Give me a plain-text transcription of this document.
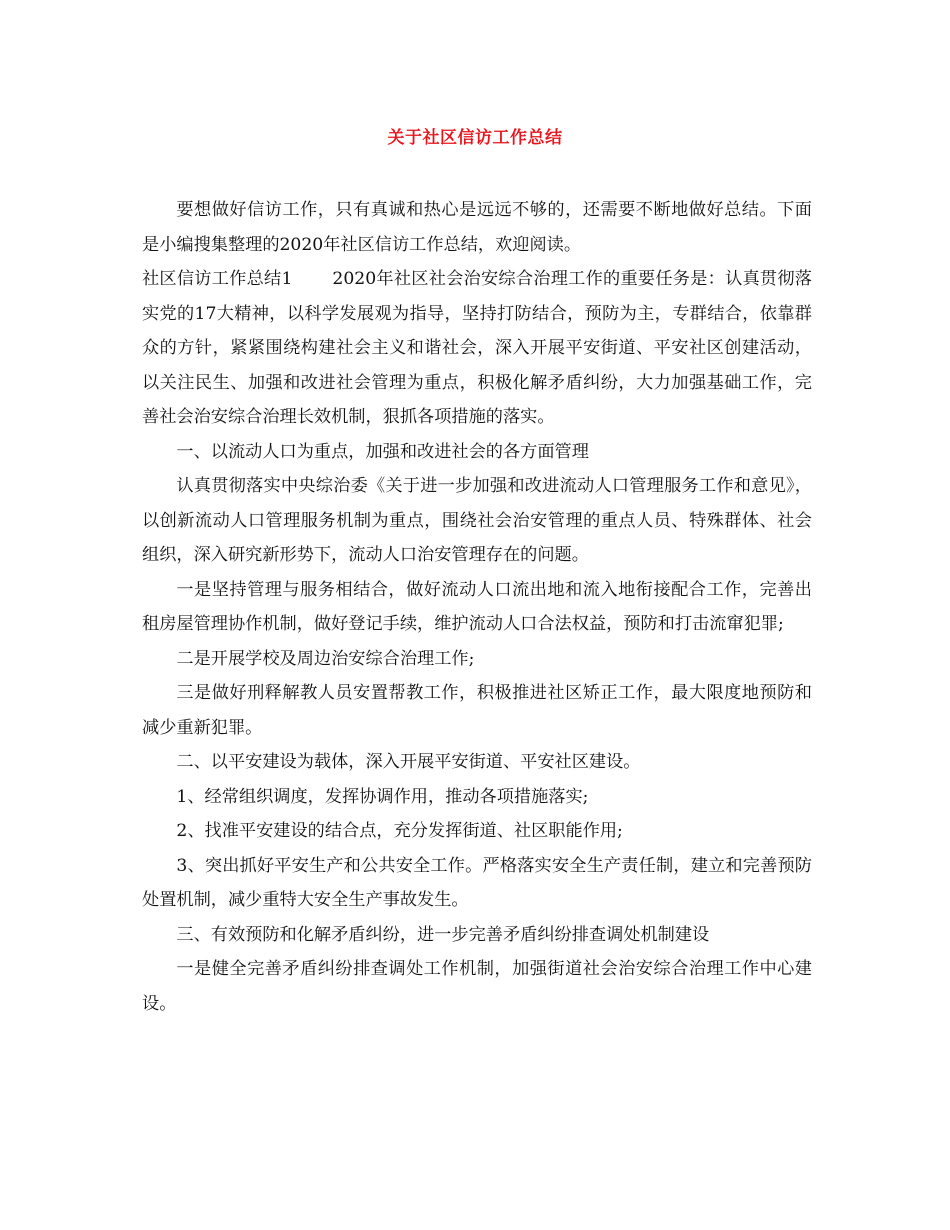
关于社区信访工作总结

要想做好信访工作，只有真诚和热心是远远不够的，还需要不断地做好总结。下面是小编搜集整理的2020年社区信访工作总结，欢迎阅读。

社区信访工作总结1 2020年社区社会治安综合治理工作的重要任务是：认真贯彻落实党的17大精神，以科学发展观为指导，坚持打防结合，预防为主，专群结合，依靠群众的方针，紧紧围绕构建社会主义和谐社会，深入开展平安街道、平安社区创建活动，以关注民生、加强和改进社会管理为重点，积极化解矛盾纠纷，大力加强基础工作，完善社会治安综合治理长效机制，狠抓各项措施的落实。

一、以流动人口为重点，加强和改进社会的各方面管理

认真贯彻落实中央综治委《关于进一步加强和改进流动人口管理服务工作和意见》，以创新流动人口管理服务机制为重点，围绕社会治安管理的重点人员、特殊群体、社会组织，深入研究新形势下，流动人口治安管理存在的问题。

一是坚持管理与服务相结合，做好流动人口流出地和流入地衔接配合工作，完善出租房屋管理协作机制，做好登记手续，维护流动人口合法权益，预防和打击流窜犯罪;

二是开展学校及周边治安综合治理工作;

三是做好刑释解教人员安置帮教工作，积极推进社区矫正工作，最大限度地预防和减少重新犯罪。

二、以平安建设为载体，深入开展平安街道、平安社区建设。

1、经常组织调度，发挥协调作用，推动各项措施落实;

2、找准平安建设的结合点，充分发挥街道、社区职能作用;

3、突出抓好平安生产和公共安全工作。严格落实安全生产责任制，建立和完善预防处置机制，减少重特大安全生产事故发生。

三、有效预防和化解矛盾纠纷，进一步完善矛盾纠纷排查调处机制建设

一是健全完善矛盾纠纷排查调处工作机制，加强街道社会治安综合治理工作中心建设。
